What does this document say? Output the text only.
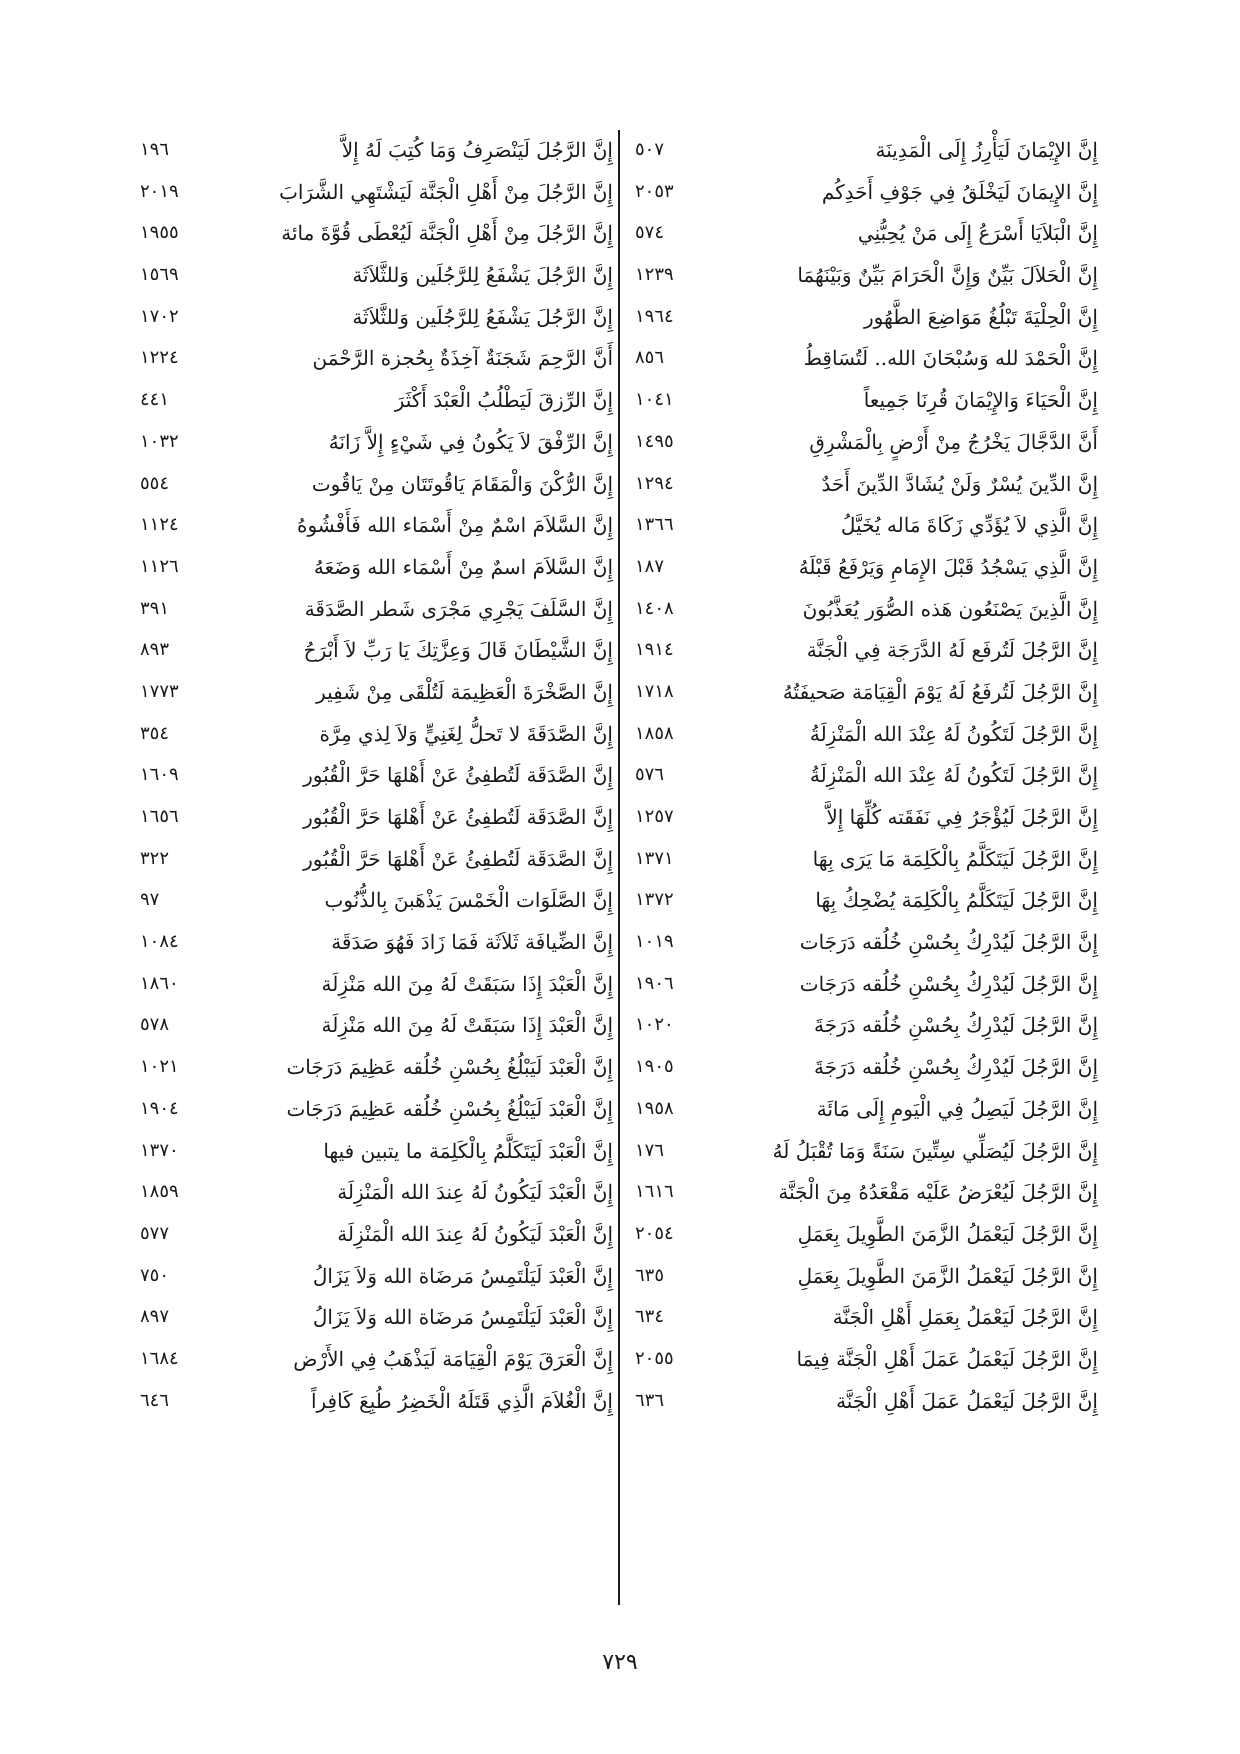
إِنَّ الإِيْمَانَ لَيَأْرِزُ إِلَى الْمَدِينَة
٥٠٧
إِنَّ الإِيمَانَ لَيَخْلَقُ فِي جَوْفِ أَحَدِكُم
٢٠٥٣
إِنَّ الْبَلاَيَا أَسْرَعُ إِلَى مَنْ يُحِبُّنِي
٥٧٤
إِنَّ الْحَلاَلَ بَيِّنٌ وَإِنَّ الْحَرَامَ بَيِّنٌ وَبَيْنَهُمَا
١٢٣٩
إِنَّ الْحِلْيَةَ تَبْلُغُ مَوَاضِعَ الطَّهُور
١٩٦٤
إِنَّ الْحَمْدَ لله وَسُبْحَانَ الله.. لَتُسَاقِطُ
٨٥٦
إِنَّ الْحَيَاءَ وَالإِيْمَانَ قُرِنَا جَمِيعاً
١٠٤١
أَنَّ الدَّجَّالَ يَخْرُجُ مِنْ أَرْضٍ بِالْمَشْرِقِ
١٤٩٥
إِنَّ الدِّينَ يُسْرٌ وَلَنْ يُشَادَّ الدِّينَ أَحَدٌ
١٢٩٤
إِنَّ الَّذِي لاَ يُؤَدِّي زَكَاةَ مَاله يُخَيَّلُ
١٣٦٦
إِنَّ الَّذِي يَسْجُدُ قَبْلَ الإِمَامِ وَيَرْفَعُ قَبْلَهُ
١٨٧
إِنَّ الَّذِينَ يَصْنَعُون هَذه الصُّوَر يُعَذَّبُونَ
١٤٠٨
إِنَّ الرَّجُلَ لَتُرفَع لَهُ الدَّرَجَة فِي الْجَنَّة
١٩١٤
إِنَّ الرَّجُلَ لَتُرفَعُ لَهُ يَوْمَ الْقِيَامَة صَحيفَتُهُ
١٧١٨
إِنَّ الرَّجُلَ لَتَكُونُ لَهُ عِنْدَ الله الْمَنْزِلَةُ
١٨٥٨
إِنَّ الرَّجُلَ لَتَكُونُ لَهُ عِنْدَ الله الْمَنْزِلَةُ
٥٧٦
إِنَّ الرَّجُلَ لَيُؤْجَرُ فِي نَفَقَته كُلِّهَا إِلاَّ
١٢٥٧
إِنَّ الرَّجُلَ لَيَتَكَلَّمُ بِالْكَلِمَة مَا يَرَى بِهَا
١٣٧١
إِنَّ الرَّجُلَ لَيَتَكَلَّمُ بِالْكَلِمَة يُضْحِكُ بِهَا
١٣٧٢
إِنَّ الرَّجُلَ لَيُدْرِكُ بِحُسْنِ خُلُقه دَرَجَات
١٠١٩
إِنَّ الرَّجُلَ لَيُدْرِكُ بِحُسْنِ خُلُقه دَرَجَات
١٩٠٦
إِنَّ الرَّجُلَ لَيُدْرِكُ بِحُسْنِ خُلُقه دَرَجَةَ
١٠٢٠
إِنَّ الرَّجُلَ لَيُدْرِكُ بِحُسْنِ خُلُقه دَرَجَةَ
١٩٠٥
إِنَّ الرَّجُلَ لَيَصِلُ فِي الْيَومِ إِلَى مَائَة
١٩٥٨
إِنَّ الرَّجُلَ لَيُصَلِّي سِتِّينَ سَنَةً وَمَا تُقْبَلُ لَهُ
١٧٦
إِنَّ الرَّجُلَ لَيُعْرَضُ عَلَيْه مَقْعَدُهُ مِنَ الْجَنَّة
١٦١٦
إِنَّ الرَّجُلَ لَيَعْمَلُ الزَّمَنَ الطَّوِيلَ بِعَمَلِ
٢٠٥٤
إِنَّ الرَّجُلَ لَيَعْمَلُ الزَّمَنَ الطَّوِيلَ بِعَمَلِ
٦٣٥
إِنَّ الرَّجُلَ لَيَعْمَلُ بِعَمَلِ أَهْلِ الْجَنَّة
٦٣٤
إِنَّ الرَّجُلَ لَيَعْمَلُ عَمَلَ أَهْلِ الْجَنَّة فِيمَا
٢٠٥٥
إِنَّ الرَّجُلَ لَيَعْمَلُ عَمَلَ أَهْلِ الْجَنَّة
٦٣٦
إِنَّ الرَّجُلَ لَيَنْصَرِفُ وَمَا كُتِبَ لَهُ إِلاَّ
١٩٦
إِنَّ الرَّجُلَ مِنْ أَهْلِ الْجَنَّة لَيَشْتَهِي الشَّرَابَ
٢٠١٩
إِنَّ الرَّجُلَ مِنْ أَهْلِ الْجَنَّة لَيُعْطَى قُوَّةَ مائة
١٩٥٥
إِنَّ الرَّجُلَ يَشْفَعُ لِلرَّجُلَين وَللثَّلاَثَة
١٥٦٩
إِنَّ الرَّجُلَ يَشْفَعُ لِلرَّجُلَين وَللثَّلاَثَة
١٧٠٢
أَنَّ الرَّحِمَ شَجَنَةٌ آخِذَةٌ بِحُجزة الرَّحْمَن
١٢٢٤
إِنَّ الرِّزقَ لَيَطْلُبُ الْعَبْدَ أَكْثَرَ
٤٤١
إِنَّ الرِّفْقَ لاَ يَكُونُ فِي شَيْءٍ إِلاَّ زَانَهُ
١٠٣٢
إِنَّ الرُّكْنَ وَالْمَقَامَ يَاقُوتَتَان مِنْ يَاقُوت
٥٥٤
إِنَّ السَّلاَمَ اسْمٌ مِنْ أَسْمَاء الله فَأَفْشُوهُ
١١٢٤
إِنَّ السَّلاَمَ اسمٌ مِنْ أَسْمَاء الله وَضَعَهُ
١١٢٦
إِنَّ السَّلَفَ يَجْرِي مَجْرَى شَطر الصَّدَقَة
٣٩١
إِنَّ الشَّيْطَانَ قَالَ وَعِزَّتِكَ يَا رَبِّ لاَ أَبْرَحُ
٨٩٣
إِنَّ الصَّخْرَةَ الْعَظِيمَة لَتُلْقَى مِنْ شَفِير
١٧٧٣
إِنَّ الصَّدَقَةَ لا تَحلُّ لِغَنِيٍّ وَلاَ لِذي مِرَّة
٣٥٤
إِنَّ الصَّدَقَة لَتُطفِئُ عَنْ أَهْلهَا حَرَّ الْقُبُور
١٦٠٩
إِنَّ الصَّدَقَة لَتُطفِئُ عَنْ أَهْلهَا حَرَّ الْقُبُور
١٦٥٦
إِنَّ الصَّدَقَة لَتُطفِئُ عَنْ أَهْلهَا حَرَّ الْقُبُور
٣٢٢
إِنَّ الصَّلَوَات الْخَمْسَ يَذْهَبنَ بِالذُّنُوب
٩٧
إِنَّ الضِّيافَة ثَلاَثَة فَمَا زَادَ فَهُوَ صَدَقَة
١٠٨٤
إِنَّ الْعَبْدَ إِذَا سَبَقَتْ لَهُ مِنَ الله مَنْزِلَة
١٨٦٠
إِنَّ الْعَبْدَ إِذَا سَبَقَتْ لَهُ مِنَ الله مَنْزِلَة
٥٧٨
إِنَّ الْعَبْدَ لَيَبْلُغُ بِحُسْنِ خُلُقه عَظِيمَ دَرَجَات
١٠٢١
إِنَّ الْعَبْدَ لَيَبْلُغُ بِحُسْنِ خُلُقه عَظِيمَ دَرَجَات
١٩٠٤
إِنَّ الْعَبْدَ لَيَتَكَلَّمُ بِالْكَلِمَة ما يتبين فيها
١٣٧٠
إِنَّ الْعَبْدَ لَيَكُونُ لَهُ عِندَ الله الْمَنْزِلَة
١٨٥٩
إِنَّ الْعَبْدَ لَيَكُونُ لَهُ عِندَ الله الْمَنْزِلَة
٥٧٧
إِنَّ الْعَبْدَ لَيَلْتَمِسُ مَرضَاة الله وَلاَ يَزَالُ
٧٥٠
إِنَّ الْعَبْدَ لَيَلْتَمِسُ مَرضَاة الله وَلاَ يَزَالُ
٨٩٧
إِنَّ الْعَرَقَ يَوْمَ الْقِيَامَة لَيَذْهَبُ فِي الأَرْض
١٦٨٤
إِنَّ الْغُلاَمَ الَّذِي قَتَلَهُ الْخَضِرُ طُبِعَ كَافِراً
٦٤٦
٧٢٩
